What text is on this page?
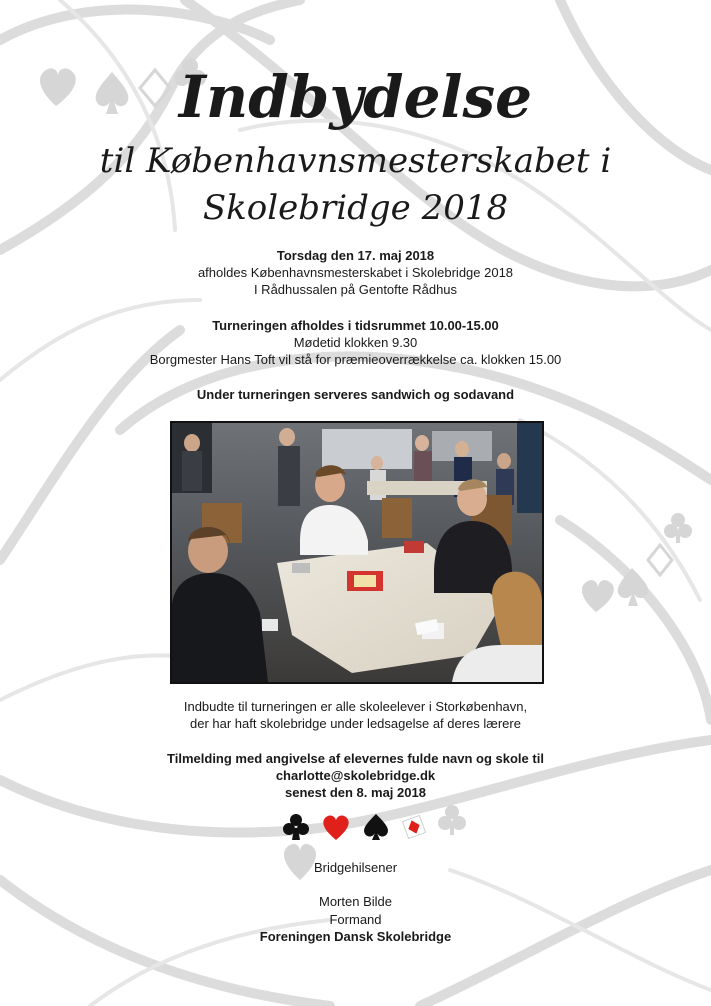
Indbydelse
til Københavnsmesterskabet i
Skolebridge 2018

Torsdag den 17. maj 2018

afholdes Københavnsmesterskabet i Skolebridge 2018

I Rådhussalen på Gentofte Rådhus

Turneringen afholdes i tidsrummet 10.00-15.00

Mødetid klokken 9.30

Borgmester Hans Toft vil stå for præmieoverrækkelse ca. klokken 15.00

Under turneringen serveres sandwich og sodavand

Indbudte til turneringen er alle skoleelever i Storkøbenhavn,

der har haft skolebridge under ledsagelse af deres lærere

Tilmelding med angivelse af elevernes fulde navn og skole til

charlotte@skolebridge.dk

senest den 8. maj 2018

Bridgehilsener

Morten Bilde

Formand

Foreningen Dansk Skolebridge
